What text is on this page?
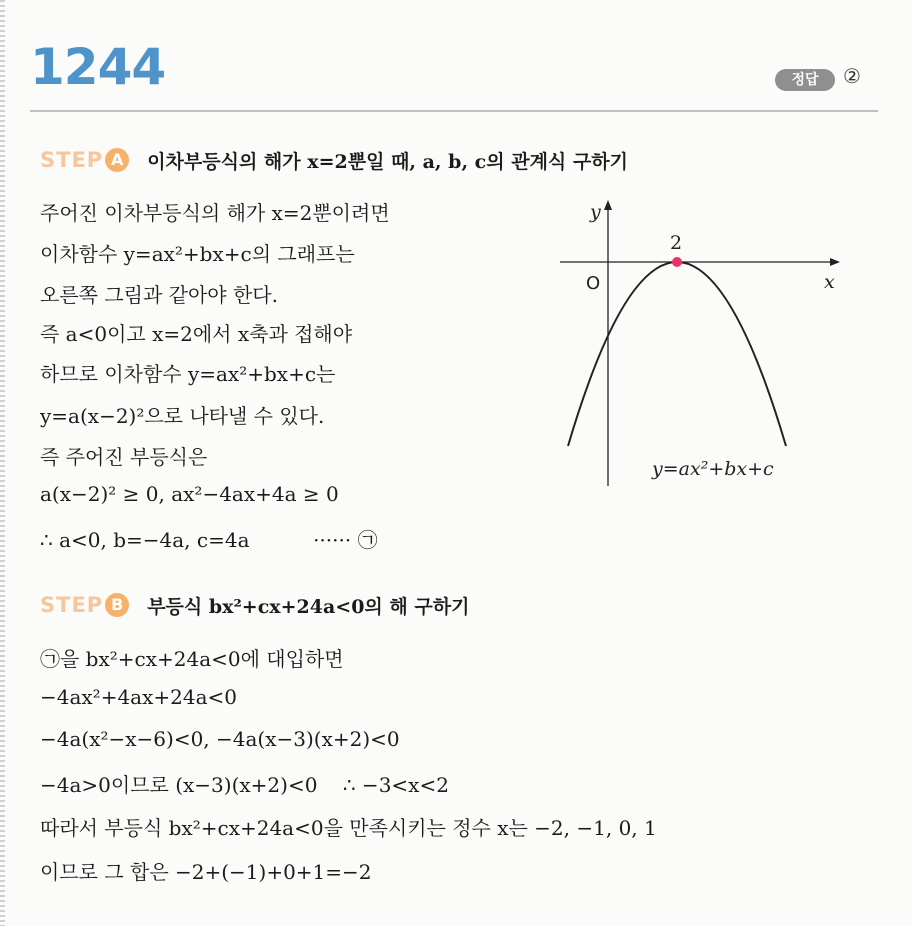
1244	정답	②
STEP A	이차부등식의 해가 x=2뿐일 때, a, b, c의 관계식 구하기
주어진 이차부등식의 해가 x=2뿐이려면
이차함수 y=ax²+bx+c의 그래프는
오른쪽 그림과 같아야 한다.
즉 a<0이고 x=2에서 x축과 접해야
하므로 이차함수 y=ax²+bx+c는
y=a(x−2)²으로 나타낼 수 있다.
즉 주어진 부등식은
a(x−2)² ≥ 0, ax²−4ax+4a ≥ 0
∴ a<0, b=−4a, c=4a          ······ ㉠
y
x
O
2
y=ax²+bx+c
STEP B	부등식 bx²+cx+24a<0의 해 구하기
㉠을 bx²+cx+24a<0에 대입하면
−4ax²+4ax+24a<0
−4a(x²−x−6)<0, −4a(x−3)(x+2)<0
−4a>0이므로 (x−3)(x+2)<0    ∴ −3<x<2
따라서 부등식 bx²+cx+24a<0을 만족시키는 정수 x는 −2, −1, 0, 1
이므로 그 합은 −2+(−1)+0+1=−2
